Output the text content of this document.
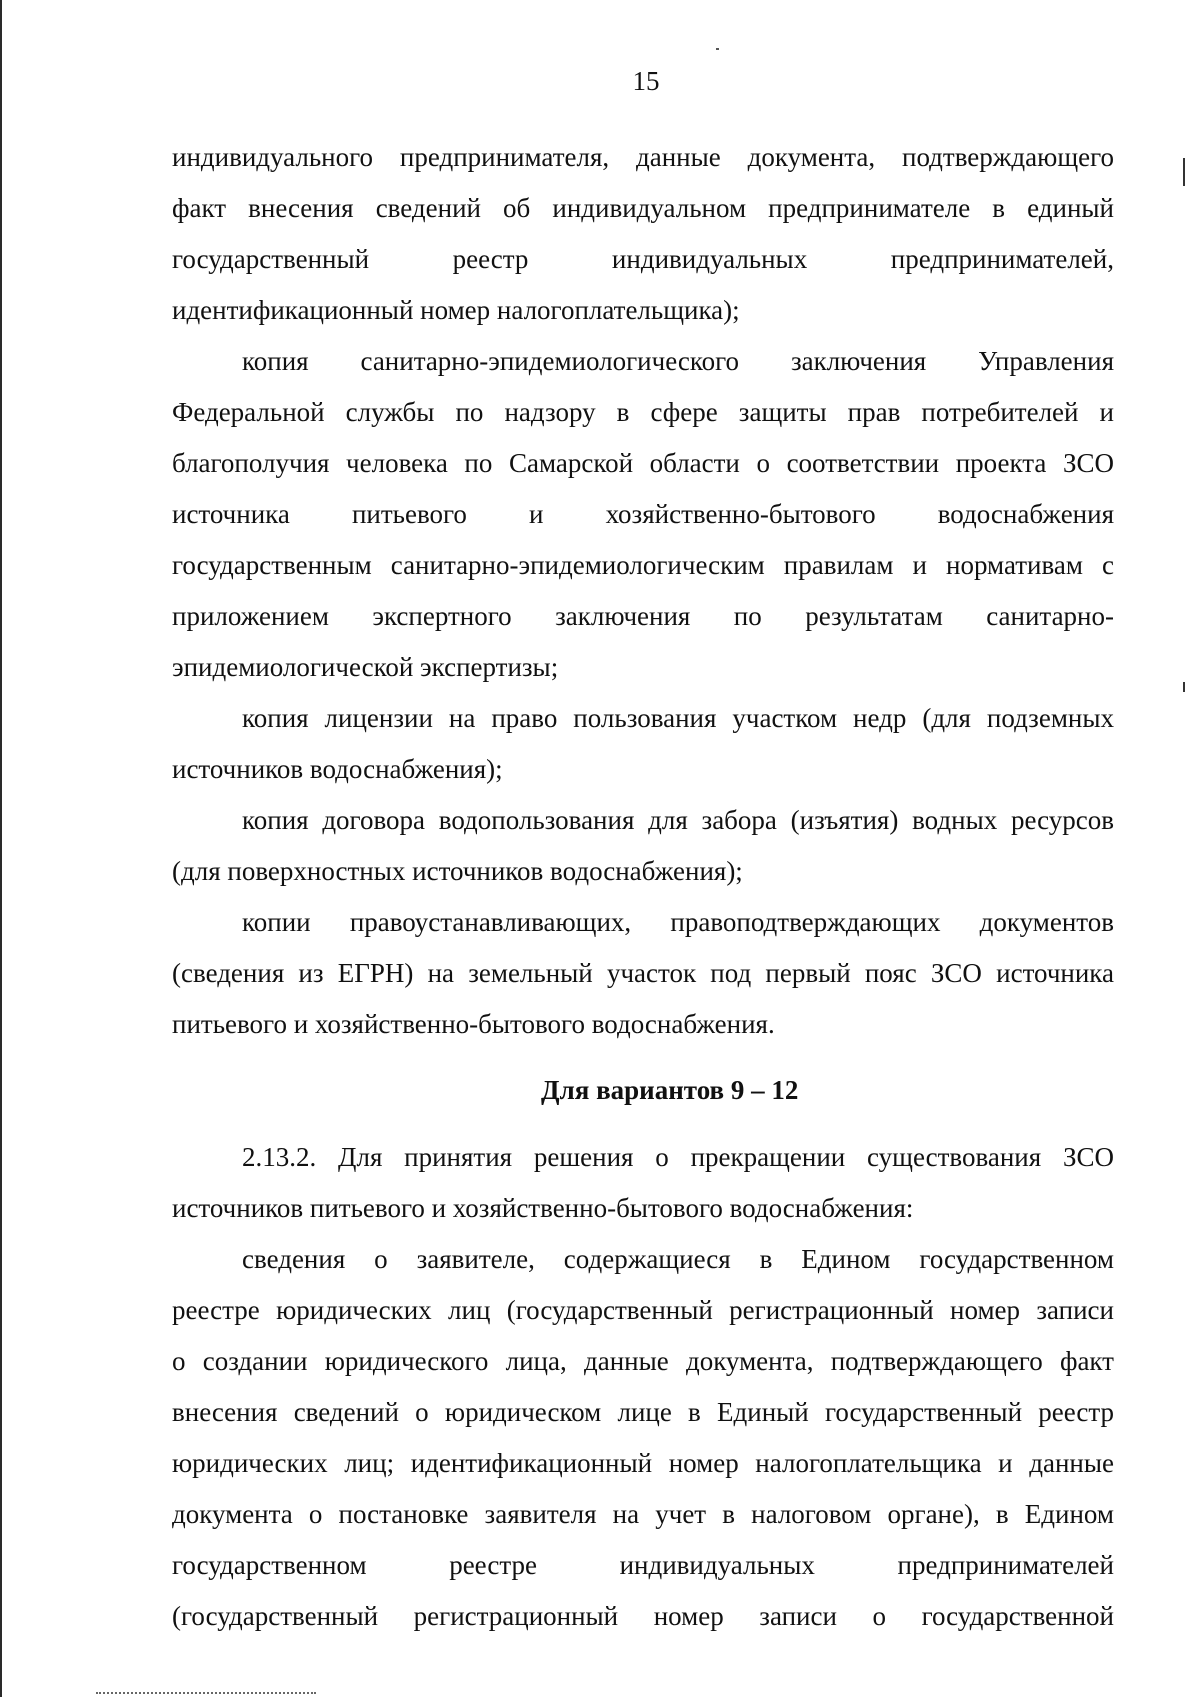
15
индивидуального предпринимателя, данные документа, подтверждающего
факт внесения сведений об индивидуальном предпринимателе в единый
государственный реестр индивидуальных предпринимателей,
идентификационный номер налогоплательщика);
копия санитарно-эпидемиологического заключения Управления
Федеральной службы по надзору в сфере защиты прав потребителей и
благополучия человека по Самарской области о соответствии проекта ЗСО
источника питьевого и хозяйственно-бытового водоснабжения
государственным санитарно-эпидемиологическим правилам и нормативам с
приложением экспертного заключения по результатам санитарно-
эпидемиологической экспертизы;
копия лицензии на право пользования участком недр (для подземных
источников водоснабжения);
копия договора водопользования для забора (изъятия) водных ресурсов
(для поверхностных источников водоснабжения);
копии правоустанавливающих, правоподтверждающих документов
(сведения из ЕГРН) на земельный участок под первый пояс ЗСО источника
питьевого и хозяйственно-бытового водоснабжения.
Для вариантов 9 – 12
2.13.2. Для принятия решения о прекращении существования ЗСО
источников питьевого и хозяйственно-бытового водоснабжения:
сведения о заявителе, содержащиеся в Едином государственном
реестре юридических лиц (государственный регистрационный номер записи
о создании юридического лица, данные документа, подтверждающего факт
внесения сведений о юридическом лице в Единый государственный реестр
юридических лиц; идентификационный номер налогоплательщика и данные
документа о постановке заявителя на учет в налоговом органе), в Едином
государственном реестре индивидуальных предпринимателей
(государственный регистрационный номер записи о государственной
